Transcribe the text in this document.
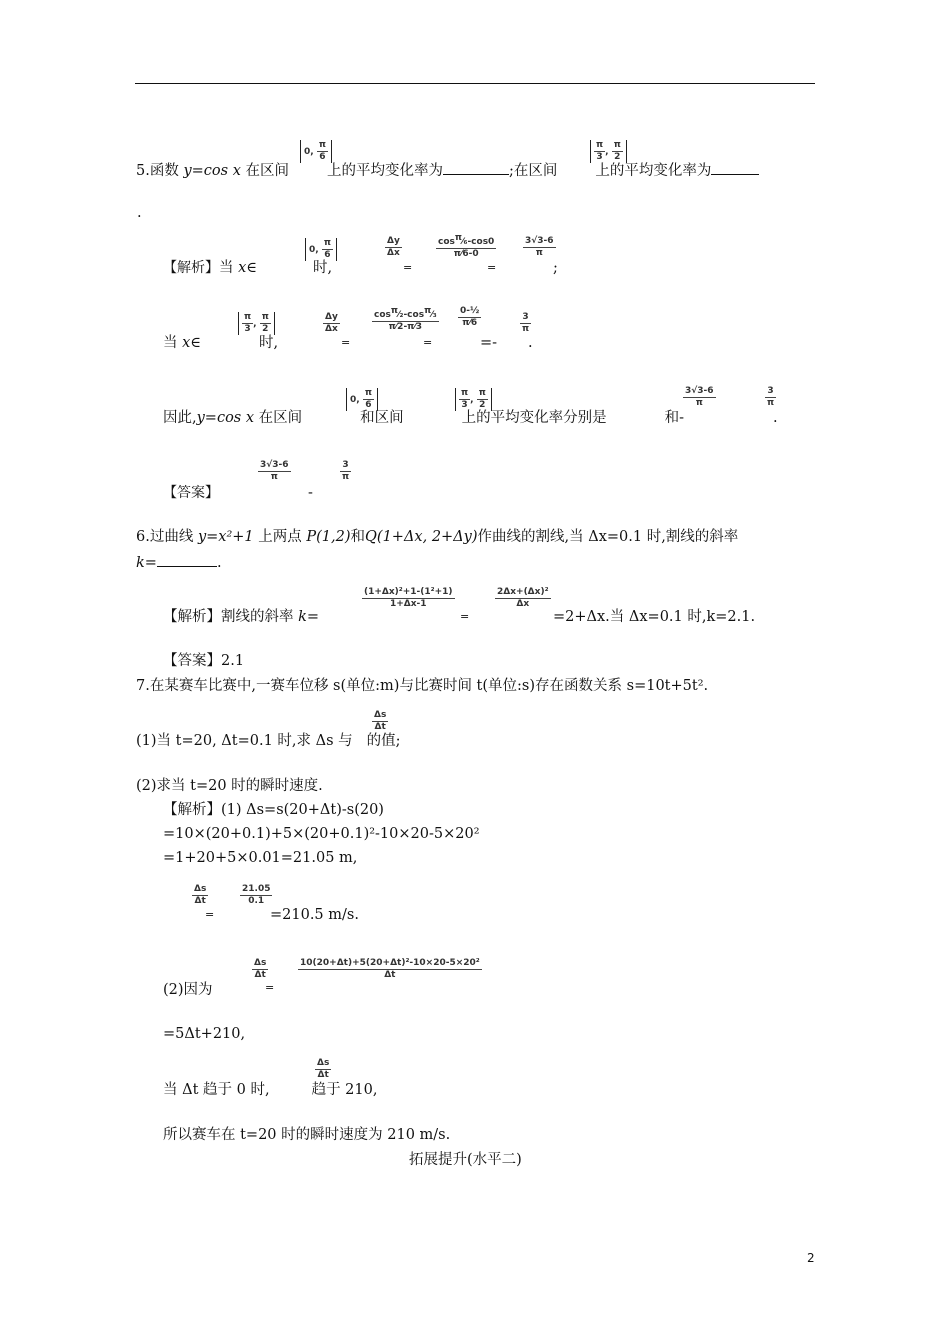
5.函数 y=cos x 在区间	上的平均变化率为	;在区间	上的平均变化率为
0, $\frac{\pi}{6}$	$\frac{\pi}{3}$ , $\frac{\pi}{2}$
.
【解析】当 x∈	时,
0, $\frac{\pi}{6}$	$\frac{\Delta y}{\Delta x}$
=
$\frac{\cos^\pi⁄_6-\cos 0}{\pi⁄6-0}$
=
$\frac{3√3-6}{\pi}$
;
当 x∈	时,
$\frac{\pi}{3}$ , $\frac{\pi}{2}$	$\frac{\Delta y}{\Delta x}$
=
$\frac{\cos^\pi⁄_2-\cos^\pi⁄_3}{\pi⁄2-\pi⁄3}$
=
$\frac{\text{0-½}}{\pi⁄6}$
=-
$\frac{3}{\pi}$
.
因此,y=cos x 在区间	和区间	上的平均变化率分别是	和-
0, $\frac{\pi}{6}$	$\frac{\pi}{3}$ , $\frac{\pi}{2}$	$\frac{3√3-6}{\pi}$	$\frac{3}{\pi}$
.
【答案】
$\frac{3√3-6}{\pi}$
-
$\frac{3}{\pi}$
6.过曲线 y=x²+1 上两点 P(1,2)和Q(1+Δx, 2+Δy)作曲线的割线,当 Δx=0.1 时,割线的斜率
k=	.
【解析】割线的斜率 k=
$\frac{\text{(1+Δx)²+1-(1²+1)}}{1+\Delta x-1}$
=
$\frac{\text{2Δx+(Δx)²}}{\Delta x}$
=2+Δx.当 Δx=0.1 时,k=2.1.
【答案】2.1
7.在某赛车比赛中,一赛车位移 s(单位:m)与比赛时间 t(单位:s)存在函数关系 s=10t+5t².
(1)当 t=20, Δt=0.1 时,求 Δs 与 的值;
$\frac{\Delta s}{\Delta t}$
(2)求当 t=20 时的瞬时速度.
【解析】(1) Δs=s(20+Δt)-s(20)
=10×(20+0.1)+5×(20+0.1)²-10×20-5×20²
=1+20+5×0.01=21.05 m,
$\frac{\Delta s}{\Delta t}$
=
$\frac{21.05}{0.1}$
=210.5 m/s.
(2)因为
$\frac{\Delta s}{\Delta t}$
=
$\frac{\text{10(20+Δt)+5(20+Δt)²-10×20-5×20²}}{\Delta t}$
=5Δt+210,
当 Δt 趋于 0 时,	趋于 210,
$\frac{\Delta s}{\Delta t}$
所以赛车在 t=20 时的瞬时速度为 210 m/s.
拓展提升(水平二)
2
